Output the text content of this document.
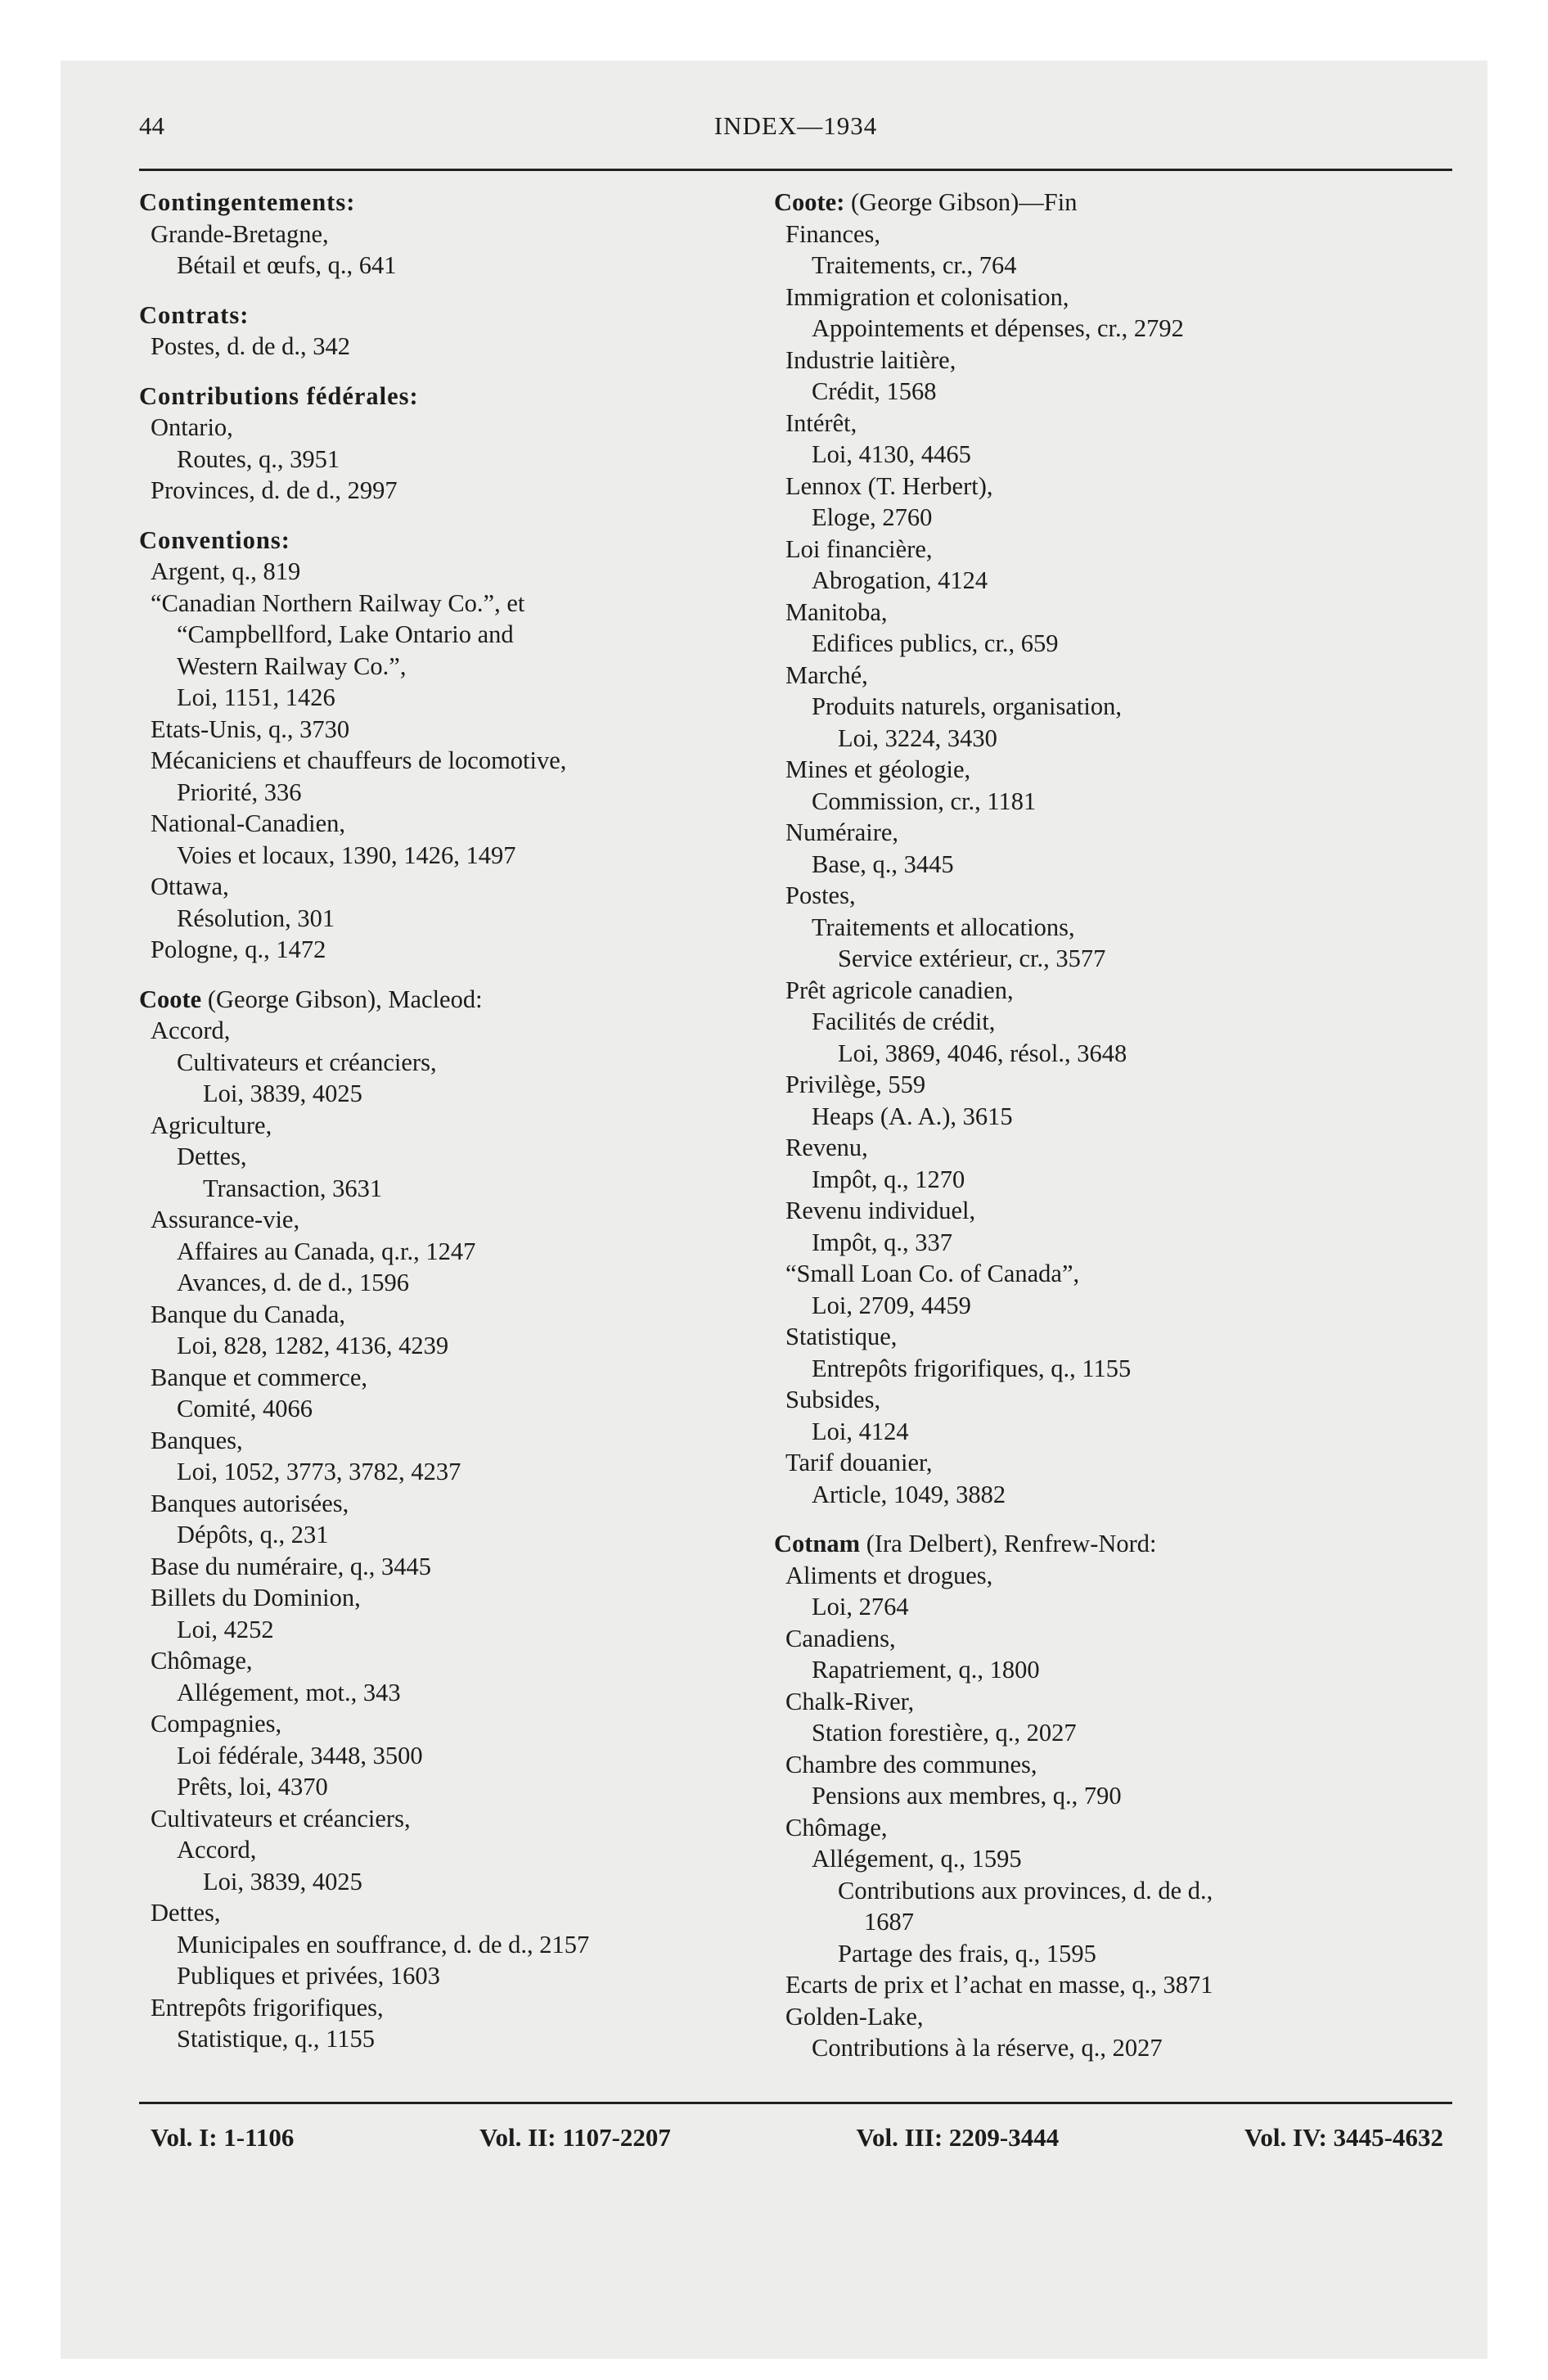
44	INDEX—1934
Contingentements:
Grande-Bretagne,
Bétail et œufs, q., 641
Contrats:
Postes, d. de d., 342
Contributions fédérales:
Ontario,
Routes, q., 3951
Provinces, d. de d., 2997
Conventions:
Argent, q., 819
“Canadian Northern Railway Co.”, et
“Campbellford, Lake Ontario and
Western Railway Co.”,
Loi, 1151, 1426
Etats-Unis, q., 3730
Mécaniciens et chauffeurs de locomotive,
Priorité, 336
National-Canadien,
Voies et locaux, 1390, 1426, 1497
Ottawa,
Résolution, 301
Pologne, q., 1472
Coote (George Gibson), Macleod:
Accord,
Cultivateurs et créanciers,
Loi, 3839, 4025
Agriculture,
Dettes,
Transaction, 3631
Assurance-vie,
Affaires au Canada, q.r., 1247
Avances, d. de d., 1596
Banque du Canada,
Loi, 828, 1282, 4136, 4239
Banque et commerce,
Comité, 4066
Banques,
Loi, 1052, 3773, 3782, 4237
Banques autorisées,
Dépôts, q., 231
Base du numéraire, q., 3445
Billets du Dominion,
Loi, 4252
Chômage,
Allégement, mot., 343
Compagnies,
Loi fédérale, 3448, 3500
Prêts, loi, 4370
Cultivateurs et créanciers,
Accord,
Loi, 3839, 4025
Dettes,
Municipales en souffrance, d. de d., 2157
Publiques et privées, 1603
Entrepôts frigorifiques,
Statistique, q., 1155
Coote: (George Gibson)—Fin
Finances,
Traitements, cr., 764
Immigration et colonisation,
Appointements et dépenses, cr., 2792
Industrie laitière,
Crédit, 1568
Intérêt,
Loi, 4130, 4465
Lennox (T. Herbert),
Eloge, 2760
Loi financière,
Abrogation, 4124
Manitoba,
Edifices publics, cr., 659
Marché,
Produits naturels, organisation,
Loi, 3224, 3430
Mines et géologie,
Commission, cr., 1181
Numéraire,
Base, q., 3445
Postes,
Traitements et allocations,
Service extérieur, cr., 3577
Prêt agricole canadien,
Facilités de crédit,
Loi, 3869, 4046, résol., 3648
Privilège, 559
Heaps (A. A.), 3615
Revenu,
Impôt, q., 1270
Revenu individuel,
Impôt, q., 337
“Small Loan Co. of Canada”,
Loi, 2709, 4459
Statistique,
Entrepôts frigorifiques, q., 1155
Subsides,
Loi, 4124
Tarif douanier,
Article, 1049, 3882
Cotnam (Ira Delbert), Renfrew-Nord:
Aliments et drogues,
Loi, 2764
Canadiens,
Rapatriement, q., 1800
Chalk-River,
Station forestière, q., 2027
Chambre des communes,
Pensions aux membres, q., 790
Chômage,
Allégement, q., 1595
Contributions aux provinces, d. de d.,
1687
Partage des frais, q., 1595
Ecarts de prix et l’achat en masse, q., 3871
Golden-Lake,
Contributions à la réserve, q., 2027
Vol. I: 1-1106	Vol. II: 1107-2207	Vol. III: 2209-3444	Vol. IV: 3445-4632
